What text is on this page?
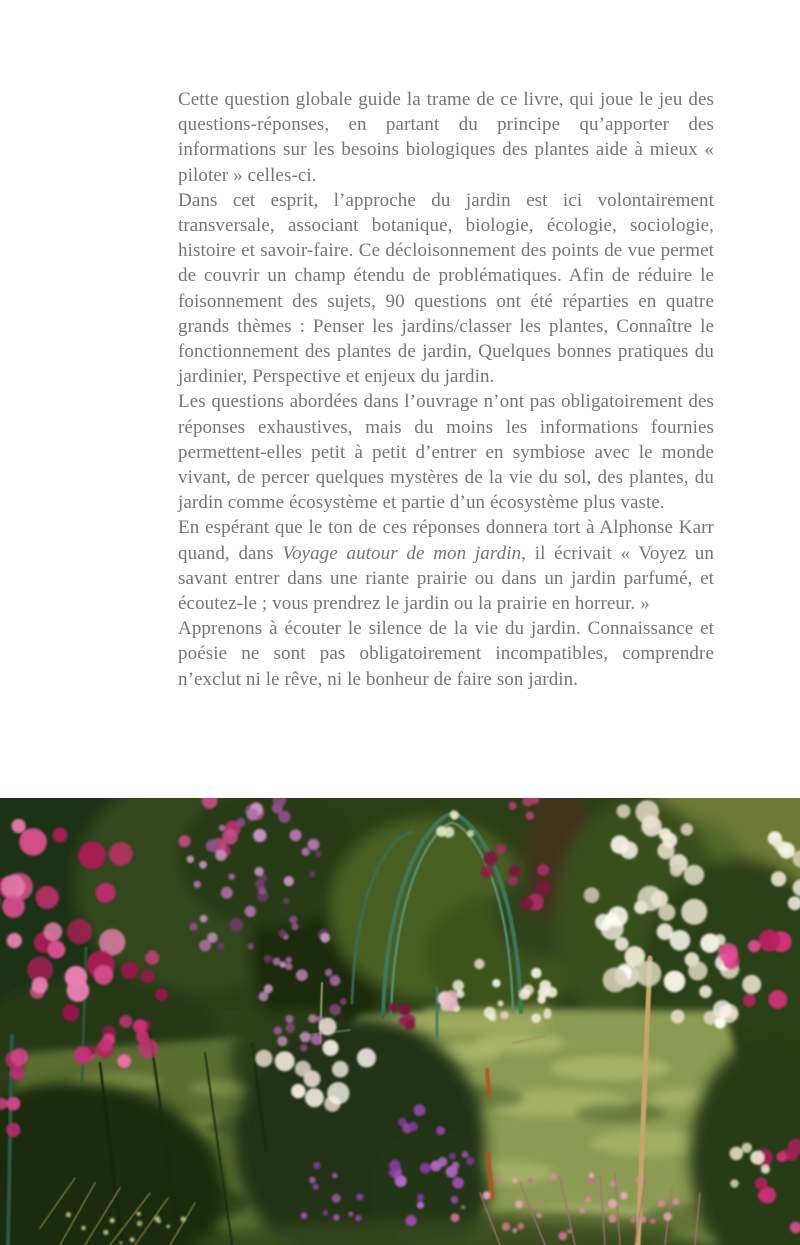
Cette question globale guide la trame de ce livre, qui joue le jeu des questions-réponses, en partant du principe qu’apporter des informations sur les besoins biologiques des plantes aide à mieux « piloter » celles-ci.

Dans cet esprit, l’approche du jardin est ici volontairement transversale, associant botanique, biologie, écologie, sociologie, histoire et savoir-faire. Ce décloisonnement des points de vue permet de couvrir un champ étendu de problématiques. Afin de réduire le foisonnement des sujets, 90 questions ont été réparties en quatre grands thèmes : Penser les jardins/classer les plantes, Connaître le fonctionnement des plantes de jardin, Quelques bonnes pratiques du jardinier, Perspective et enjeux du jardin.

Les questions abordées dans l’ouvrage n’ont pas obligatoirement des réponses exhaustives, mais du moins les informations fournies permettent-elles petit à petit d’entrer en symbiose avec le monde vivant, de percer quelques mystères de la vie du sol, des plantes, du jardin comme écosystème et partie d’un écosystème plus vaste.

En espérant que le ton de ces réponses donnera tort à Alphonse Karr quand, dans Voyage autour de mon jardin, il écrivait « Voyez un savant entrer dans une riante prairie ou dans un jardin parfumé, et écoutez-le ; vous prendrez le jardin ou la prairie en horreur. »

Apprenons à écouter le silence de la vie du jardin. Connaissance et poésie ne sont pas obligatoirement incompatibles, comprendre n’exclut ni le rêve, ni le bonheur de faire son jardin.
